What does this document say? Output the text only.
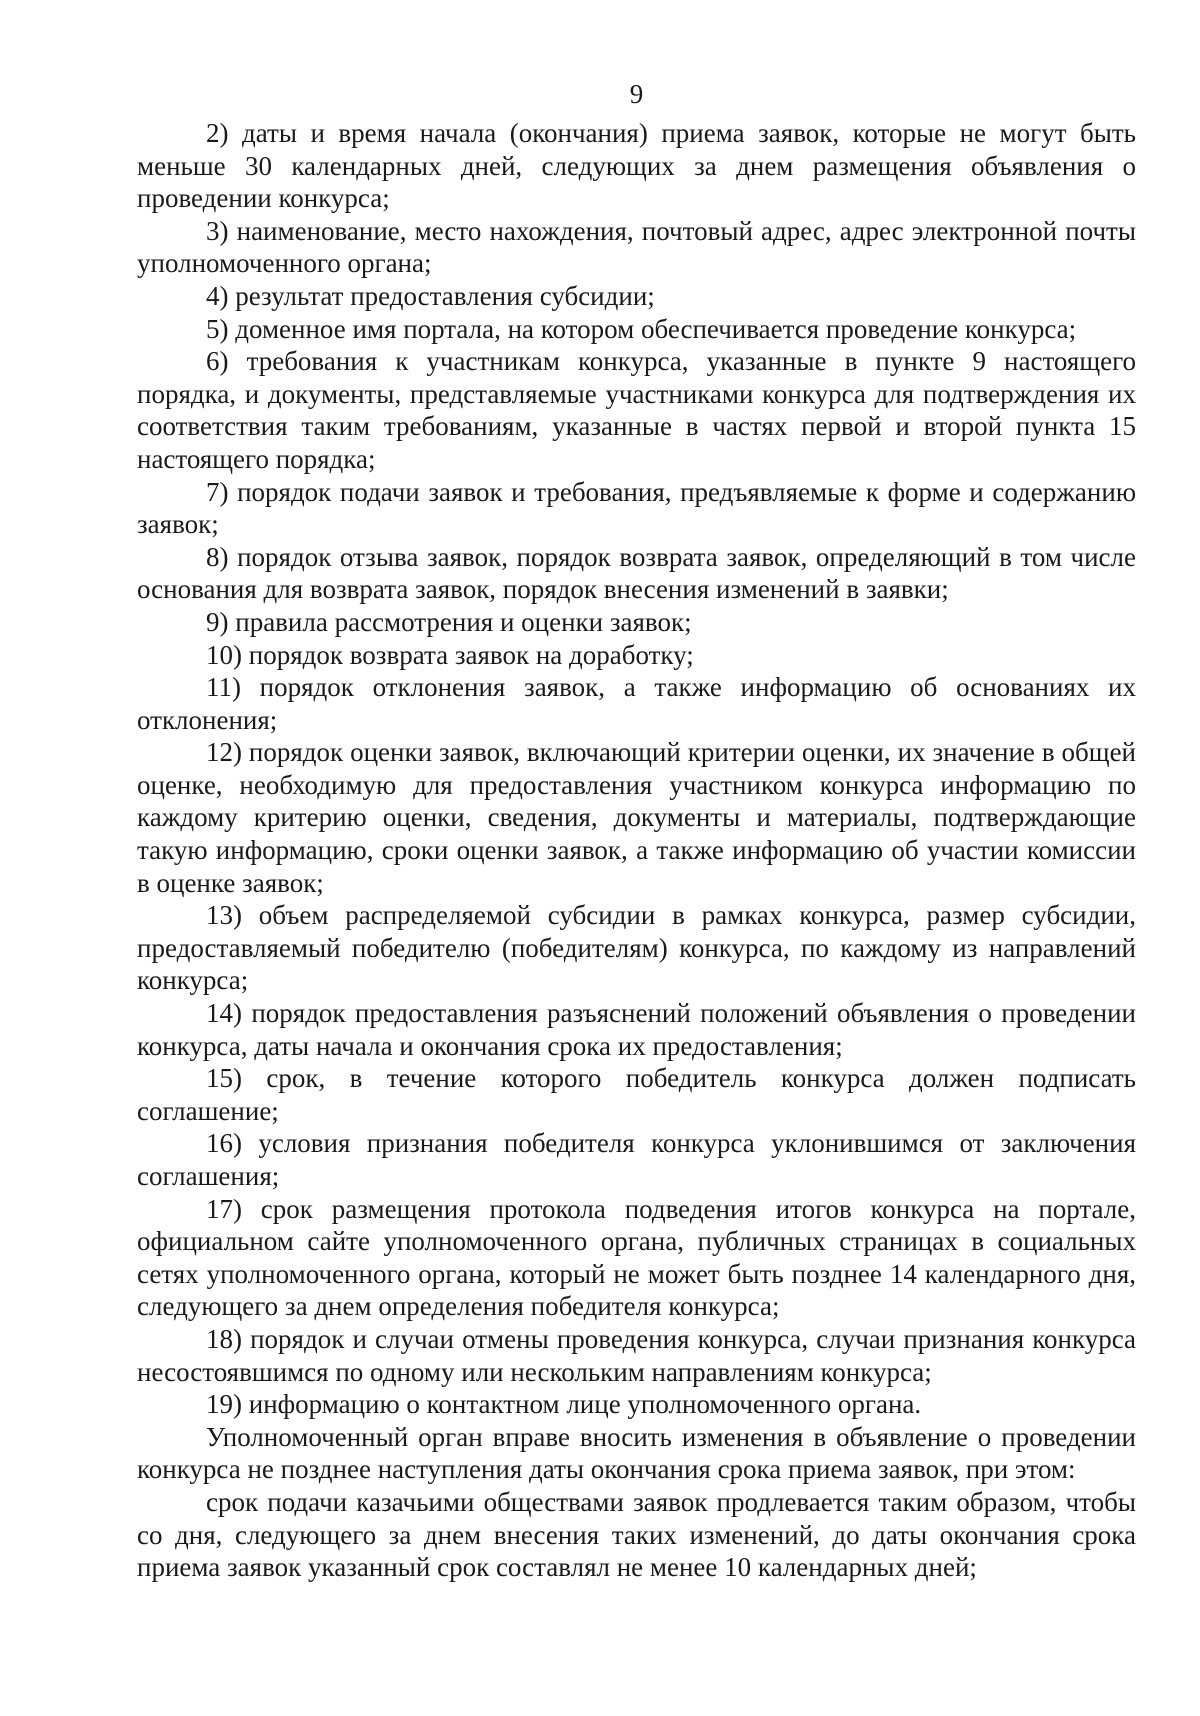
9

2) даты и время начала (окончания) приема заявок, которые не могут быть меньше 30 календарных дней, следующих за днем размещения объявления о проведении конкурса;

3) наименование, место нахождения, почтовый адрес, адрес электронной почты уполномоченного органа;

4) результат предоставления субсидии;

5) доменное имя портала, на котором обеспечивается проведение конкурса;

6) требования к участникам конкурса, указанные в пункте 9 настоящего порядка, и документы, представляемые участниками конкурса для подтверждения их соответствия таким требованиям, указанные в частях первой и второй пункта 15 настоящего порядка;

7) порядок подачи заявок и требования, предъявляемые к форме и содержанию заявок;

8) порядок отзыва заявок, порядок возврата заявок, определяющий в том числе основания для возврата заявок, порядок внесения изменений в заявки;

9) правила рассмотрения и оценки заявок;

10) порядок возврата заявок на доработку;

11) порядок отклонения заявок, а также информацию об основаниях их отклонения;

12) порядок оценки заявок, включающий критерии оценки, их значение в общей оценке, необходимую для предоставления участником конкурса информацию по каждому критерию оценки, сведения, документы и материалы, подтверждающие такую информацию, сроки оценки заявок, а также информацию об участии комиссии в оценке заявок;

13) объем распределяемой субсидии в рамках конкурса, размер субсидии, предоставляемый победителю (победителям) конкурса, по каждому из направлений конкурса;

14) порядок предоставления разъяснений положений объявления о проведении конкурса, даты начала и окончания срока их предоставления;

15) срок, в течение которого победитель конкурса должен подписать соглашение;

16) условия признания победителя конкурса уклонившимся от заключения соглашения;

17) срок размещения протокола подведения итогов конкурса на портале, официальном сайте уполномоченного органа, публичных страницах в социальных сетях уполномоченного органа, который не может быть позднее 14 календарного дня, следующего за днем определения победителя конкурса;

18) порядок и случаи отмены проведения конкурса, случаи признания конкурса несостоявшимся по одному или нескольким направлениям конкурса;

19) информацию о контактном лице уполномоченного органа.

Уполномоченный орган вправе вносить изменения в объявление о проведении конкурса не позднее наступления даты окончания срока приема заявок, при этом:

срок подачи казачьими обществами заявок продлевается таким образом, чтобы со дня, следующего за днем внесения таких изменений, до даты окончания срока приема заявок указанный срок составлял не менее 10 календарных дней;
